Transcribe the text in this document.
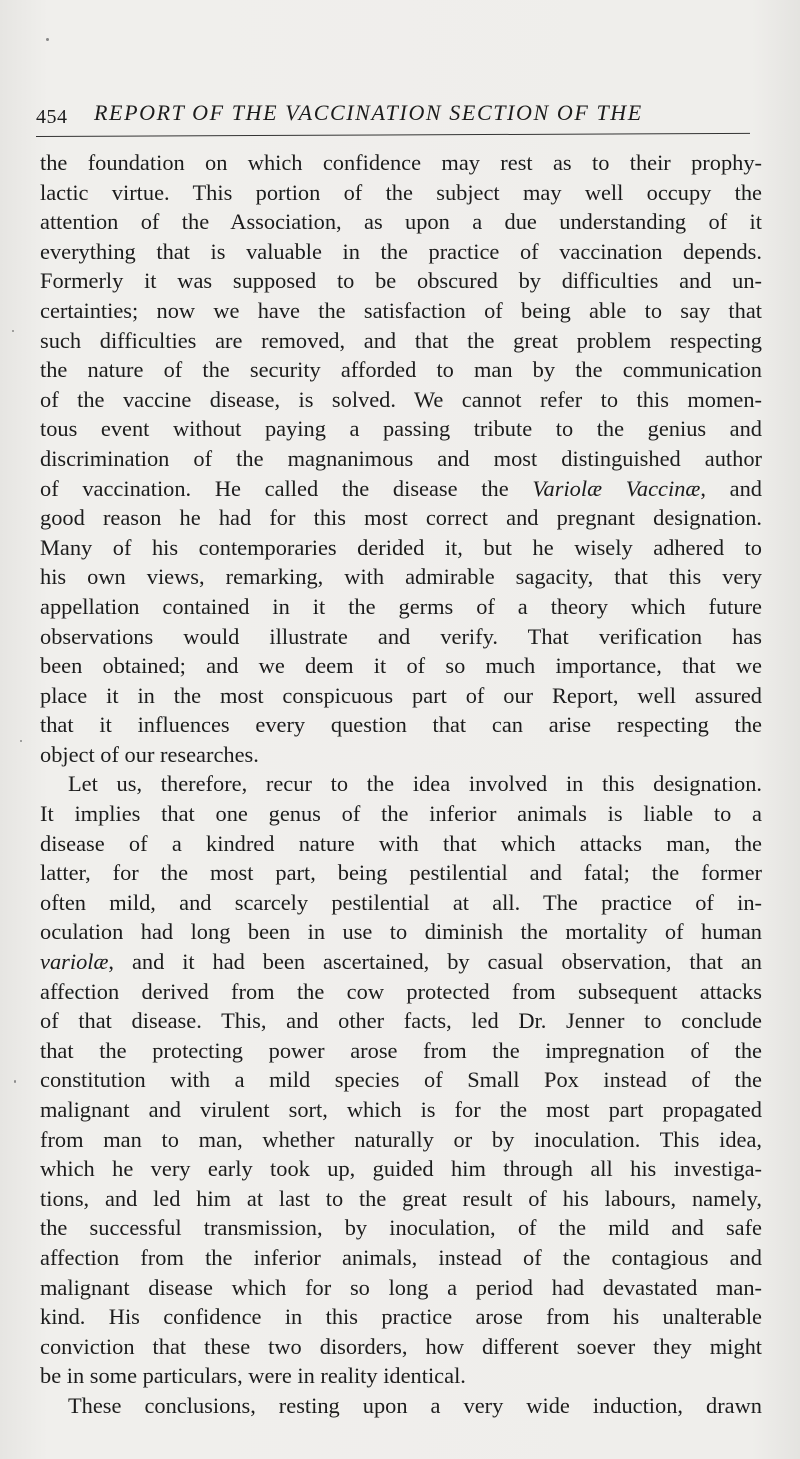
454 REPORT OF THE VACCINATION SECTION OF THE
the foundation on which confidence may rest as to their prophy-
lactic virtue. This portion of the subject may well occupy the
attention of the Association, as upon a due understanding of it
everything that is valuable in the practice of vaccination depends.
Formerly it was supposed to be obscured by difficulties and un-
certainties; now we have the satisfaction of being able to say that
such difficulties are removed, and that the great problem respecting
the nature of the security afforded to man by the communication
of the vaccine disease, is solved. We cannot refer to this momen-
tous event without paying a passing tribute to the genius and
discrimination of the magnanimous and most distinguished author
of vaccination. He called the disease the Variolæ Vaccinæ, and
good reason he had for this most correct and pregnant designation.
Many of his contemporaries derided it, but he wisely adhered to
his own views, remarking, with admirable sagacity, that this very
appellation contained in it the germs of a theory which future
observations would illustrate and verify. That verification has
been obtained; and we deem it of so much importance, that we
place it in the most conspicuous part of our Report, well assured
that it influences every question that can arise respecting the
object of our researches.
Let us, therefore, recur to the idea involved in this designation.
It implies that one genus of the inferior animals is liable to a
disease of a kindred nature with that which attacks man, the
latter, for the most part, being pestilential and fatal; the former
often mild, and scarcely pestilential at all. The practice of in-
oculation had long been in use to diminish the mortality of human
variolæ, and it had been ascertained, by casual observation, that an
affection derived from the cow protected from subsequent attacks
of that disease. This, and other facts, led Dr. Jenner to conclude
that the protecting power arose from the impregnation of the
constitution with a mild species of Small Pox instead of the
malignant and virulent sort, which is for the most part propagated
from man to man, whether naturally or by inoculation. This idea,
which he very early took up, guided him through all his investiga-
tions, and led him at last to the great result of his labours, namely,
the successful transmission, by inoculation, of the mild and safe
affection from the inferior animals, instead of the contagious and
malignant disease which for so long a period had devastated man-
kind. His confidence in this practice arose from his unalterable
conviction that these two disorders, how different soever they might
be in some particulars, were in reality identical.
These conclusions, resting upon a very wide induction, drawn
